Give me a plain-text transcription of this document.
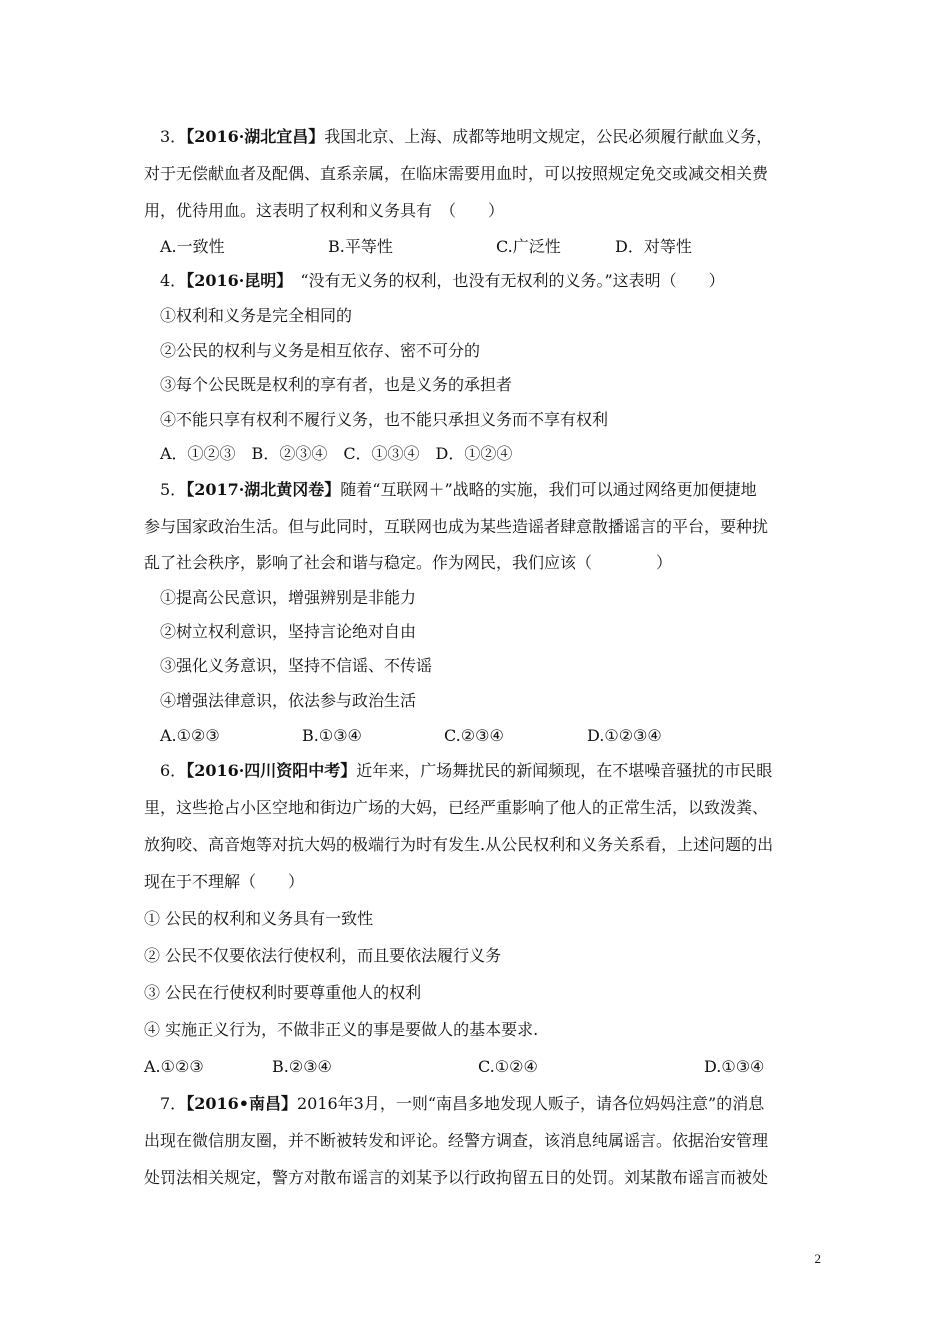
3．【2016·湖北宜昌】我国北京、上海、成都等地明文规定，公民必须履行献血义务，
对于无偿献血者及配偶、直系亲属，在临床需要用血时，可以按照规定免交或减交相关费
用，优待用血。这表明了权利和义务具有　（　　）
A.一致性	B.平等性	C.广泛性	D．对等性
4．【2016·昆明】　 “没有无义务的权利，也没有无权利的义务。”这表明（　　）
①权利和义务是完全相同的
②公民的权利与义务是相互依存、密不可分的
③每个公民既是权利的享有者，也是义务的承担者
④不能只享有权利不履行义务，也不能只承担义务而不享有权利
A．①②③　B．②③④　C．①③④　D．①②④
5．【2017·湖北黄冈卷】随着“互联网＋”战略的实施，我们可以通过网络更加便捷地
参与国家政治生活。但与此同时，互联网也成为某些造谣者肆意散播谣言的平台，要种扰
乱了社会秩序，影响了社会和谐与稳定。作为网民，我们应该（　　　　）
①提高公民意识，增强辨别是非能力
②树立权利意识，坚持言论绝对自由
③强化义务意识，坚持不信谣、不传谣
④增强法律意识，依法参与政治生活
A.①②③	B.①③④	C.②③④	D.①②③④
6．【2016·四川资阳中考】近年来，广场舞扰民的新闻频现，在不堪噪音骚扰的市民眼
里，这些抢占小区空地和街边广场的大妈，已经严重影响了他人的正常生活，以致泼粪、
放狗咬、高音炮等对抗大妈的极端行为时有发生.从公民权利和义务关系看，上述问题的出
现在于不理解（　　）
① 公民的权利和义务具有一致性
② 公民不仅要依法行使权利，而且要依法履行义务
③ 公民在行使权利时要尊重他人的权利
④ 实施正义行为，不做非正义的事是要做人的基本要求.
A.①②③	B.②③④	C.①②④	D.①③④
7．【2016•南昌】2016年3月，一则“南昌多地发现人贩子，请各位妈妈注意”的消息
出现在微信朋友圈，并不断被转发和评论。经警方调查，该消息纯属谣言。依据治安管理
处罚法相关规定，警方对散布谣言的刘某予以行政拘留五日的处罚。刘某散布谣言而被处
2
